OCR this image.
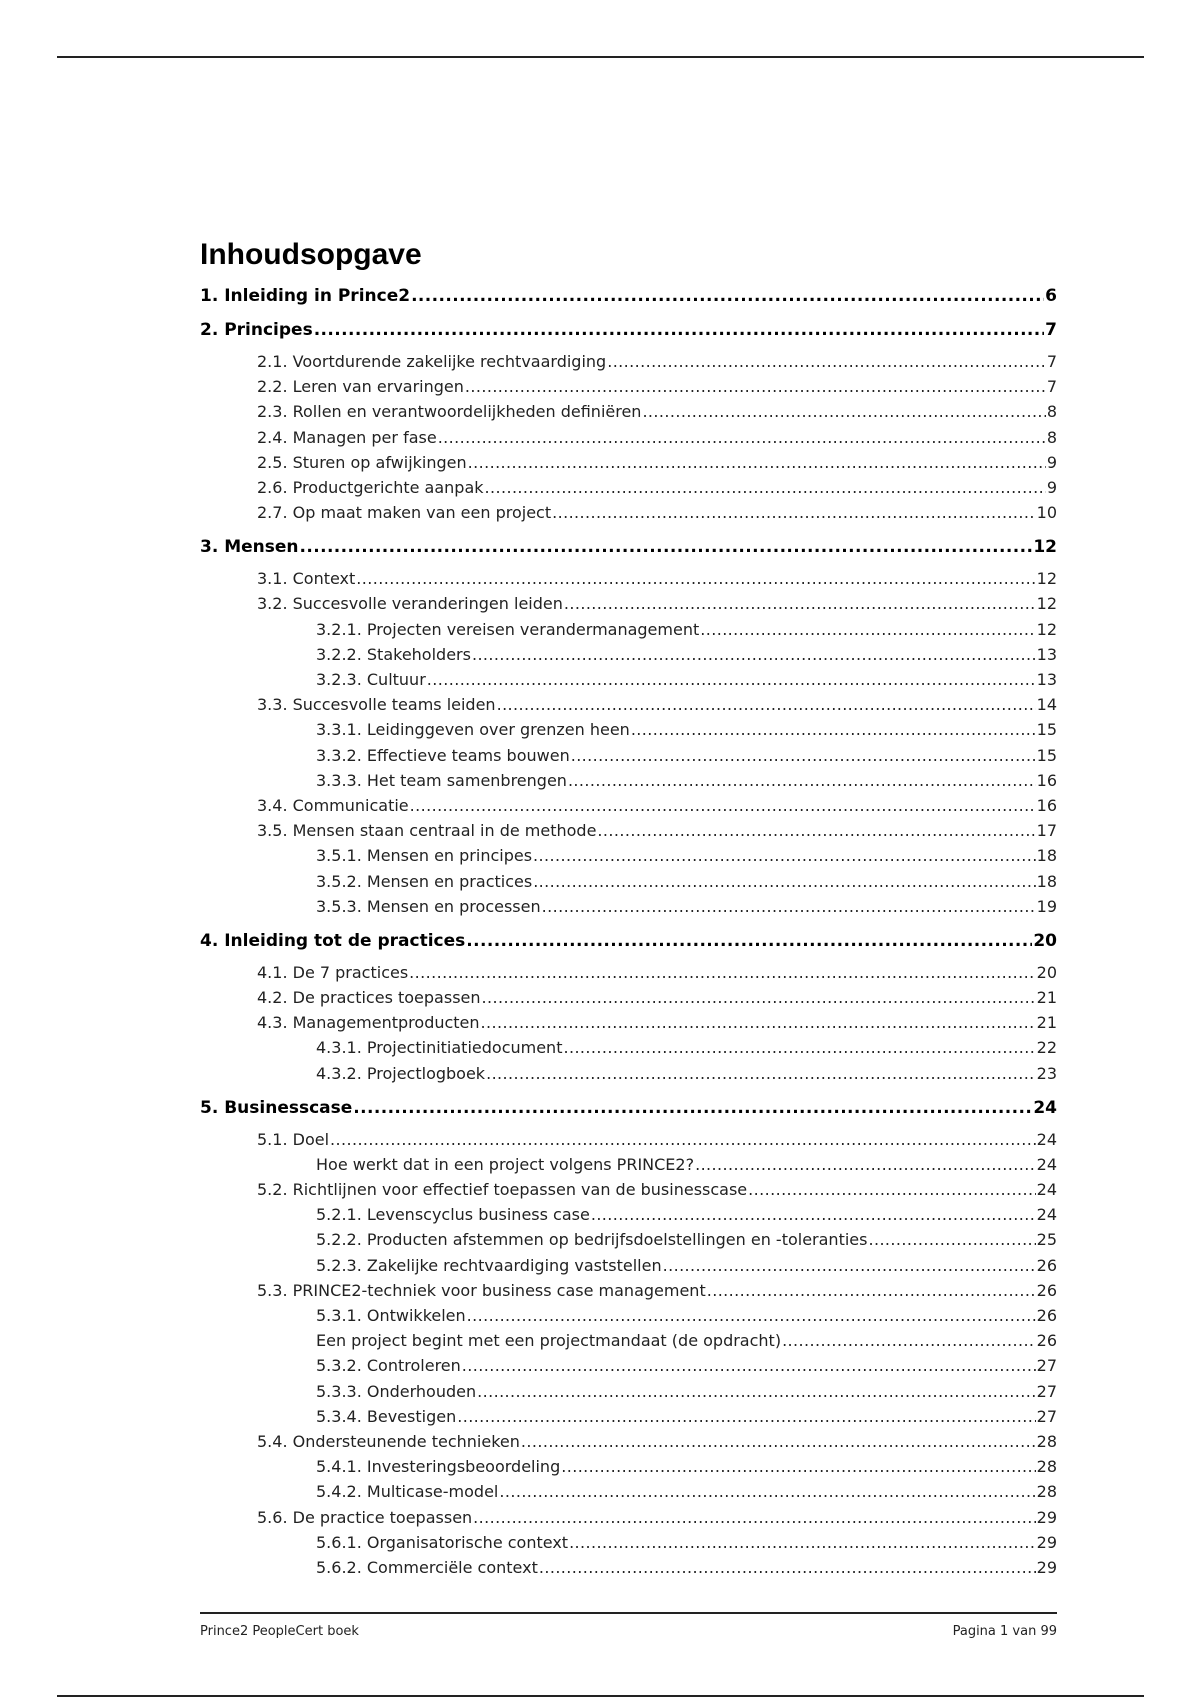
Inhoudsopgave
1. Inleiding in Prince2 .....	6
2. Principes .....	7
2.1. Voortdurende zakelijke rechtvaardiging .....	7
2.2. Leren van ervaringen .....	7
2.3. Rollen en verantwoordelijkheden definiëren .....	8
2.4. Managen per fase .....	8
2.5. Sturen op afwijkingen .....	9
2.6. Productgerichte aanpak .....	9
2.7. Op maat maken van een project .....	10
3. Mensen .....	12
3.1. Context .....	12
3.2. Succesvolle veranderingen leiden .....	12
3.2.1. Projecten vereisen verandermanagement .....	12
3.2.2. Stakeholders .....	13
3.2.3. Cultuur .....	13
3.3. Succesvolle teams leiden .....	14
3.3.1. Leidinggeven over grenzen heen .....	15
3.3.2. Effectieve teams bouwen .....	15
3.3.3. Het team samenbrengen .....	16
3.4. Communicatie .....	16
3.5. Mensen staan centraal in de methode .....	17
3.5.1. Mensen en principes .....	18
3.5.2. Mensen en practices .....	18
3.5.3. Mensen en processen .....	19
4. Inleiding tot de practices .....	20
4.1. De 7 practices .....	20
4.2. De practices toepassen .....	21
4.3. Managementproducten .....	21
4.3.1. Projectinitiatiedocument .....	22
4.3.2. Projectlogboek .....	23
5. Businesscase .....	24
5.1. Doel .....	24
Hoe werkt dat in een project volgens PRINCE2? .....	24
5.2. Richtlijnen voor effectief toepassen van de businesscase .....	24
5.2.1. Levenscyclus business case .....	24
5.2.2. Producten afstemmen op bedrijfsdoelstellingen en -toleranties .....	25
5.2.3. Zakelijke rechtvaardiging vaststellen .....	26
5.3. PRINCE2-techniek voor business case management .....	26
5.3.1. Ontwikkelen .....	26
Een project begint met een projectmandaat (de opdracht) .....	26
5.3.2. Controleren .....	27
5.3.3. Onderhouden .....	27
5.3.4. Bevestigen .....	27
5.4. Ondersteunende technieken .....	28
5.4.1. Investeringsbeoordeling .....	28
5.4.2. Multicase-model .....	28
5.6. De practice toepassen .....	29
5.6.1. Organisatorische context .....	29
5.6.2. Commerciële context .....	29
Prince2 PeopleCert boek	Pagina 1 van 99
